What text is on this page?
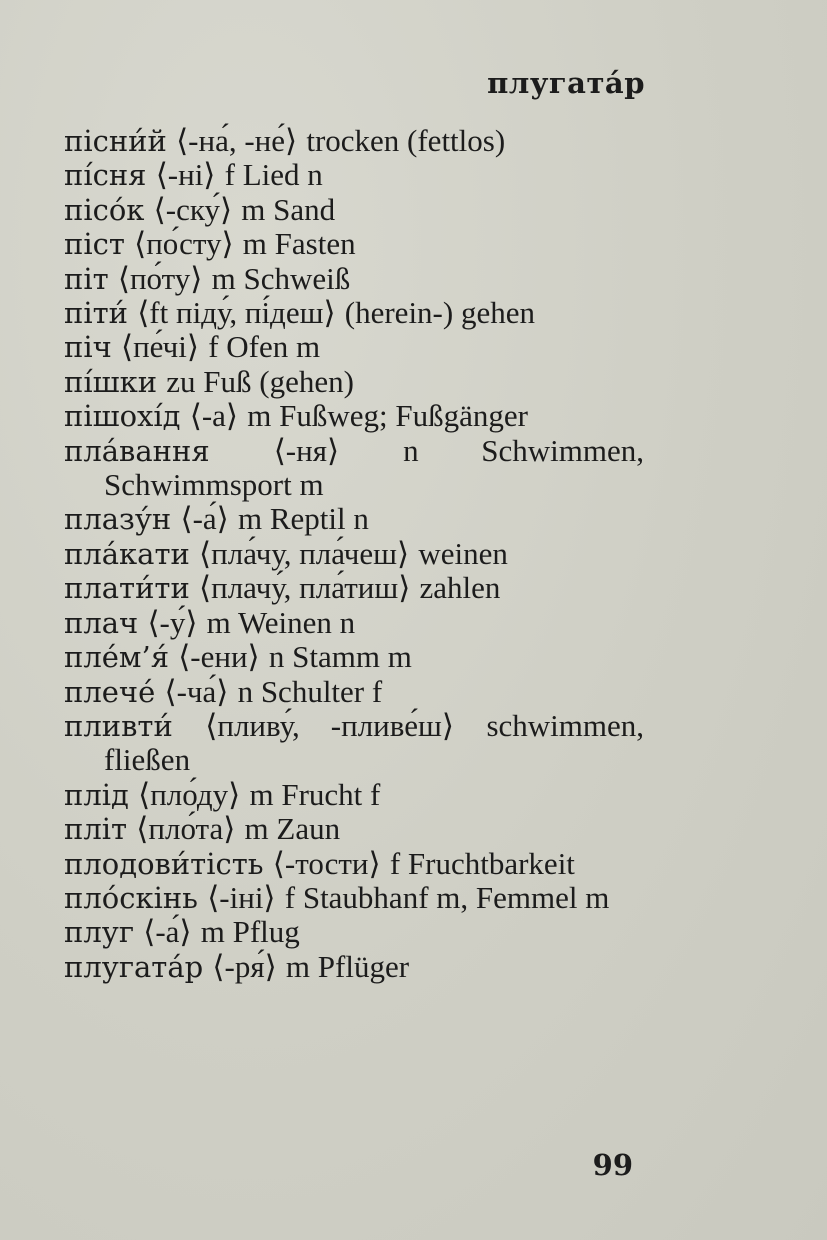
плугата́р

пісни́й ⟨-на́, -не́⟩ trocken (fettlos)

пі́сня ⟨-ні⟩ f Lied n

пісо́к ⟨-ску́⟩ m Sand

піст ⟨по́сту⟩ m Fasten

піт ⟨по́ту⟩ m Schweiß

піти́ ⟨ft піду́, пі́деш⟩ (herein-) gehen

піч ⟨пе́чі⟩ f Ofen m

пі́шки zu Fuß (gehen)

пішохі́д ⟨-а⟩ m Fußweg; Fußgänger

пла́вання ⟨-ня⟩ n Schwimmen, Schwimmsport m

плазу́н ⟨-а́⟩ m Reptil n

пла́кати ⟨пла́чу, пла́чеш⟩ weinen

плати́ти ⟨плачу́, пла́тиш⟩ zahlen

плач ⟨-у́⟩ m Weinen n

пле́м’я́ ⟨-ени⟩ n Stamm m

плече́ ⟨-ча́⟩ n Schulter f

пливти́ ⟨пливу́, -пливе́ш⟩ schwimmen, fließen

плід ⟨пло́ду⟩ m Frucht f

пліт ⟨пло́та⟩ m Zaun

плодови́тість ⟨-тости⟩ f Fruchtbarkeit

пло́скінь ⟨-іні⟩ f Staubhanf m, Femmel m

плуг ⟨-а́⟩ m Pflug

плугата́р ⟨-ря́⟩ m Pflüger

99
